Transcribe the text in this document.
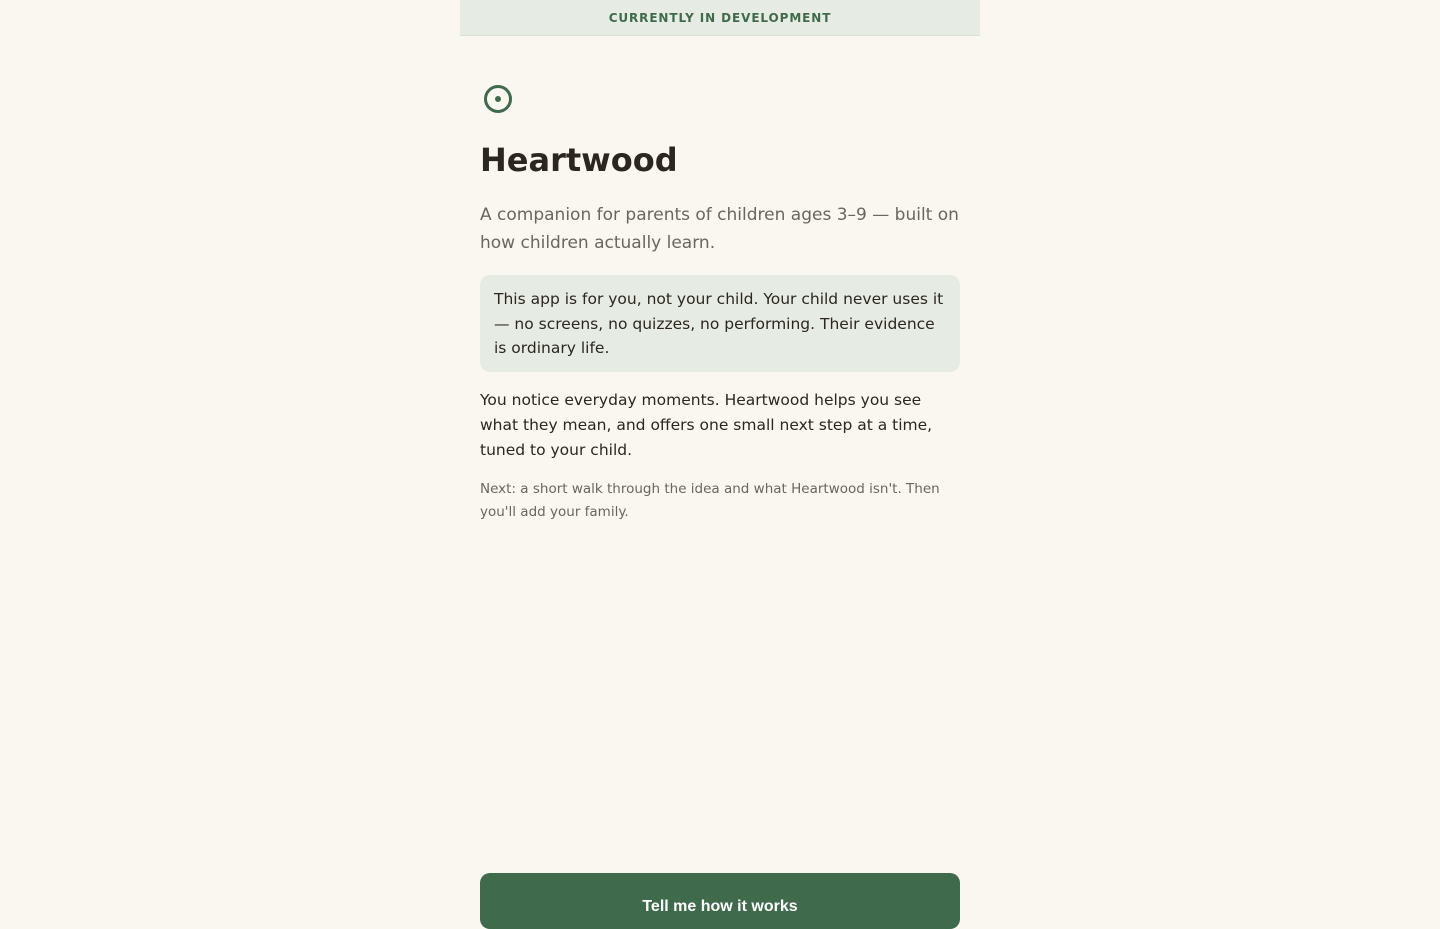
CURRENTLY IN DEVELOPMENT
Heartwood

A companion for parents of children ages 3–9 — built on how children actually learn.

This app is for you, not your child. Your child never uses it — no screens, no quizzes, no performing. Their evidence is ordinary life.

You notice everyday moments. Heartwood helps you see what they mean, and offers one small next step at a time, tuned to your child.

Next: a short walk through the idea and what Heartwood isn't. Then you'll add your family.

Tell me how it works
